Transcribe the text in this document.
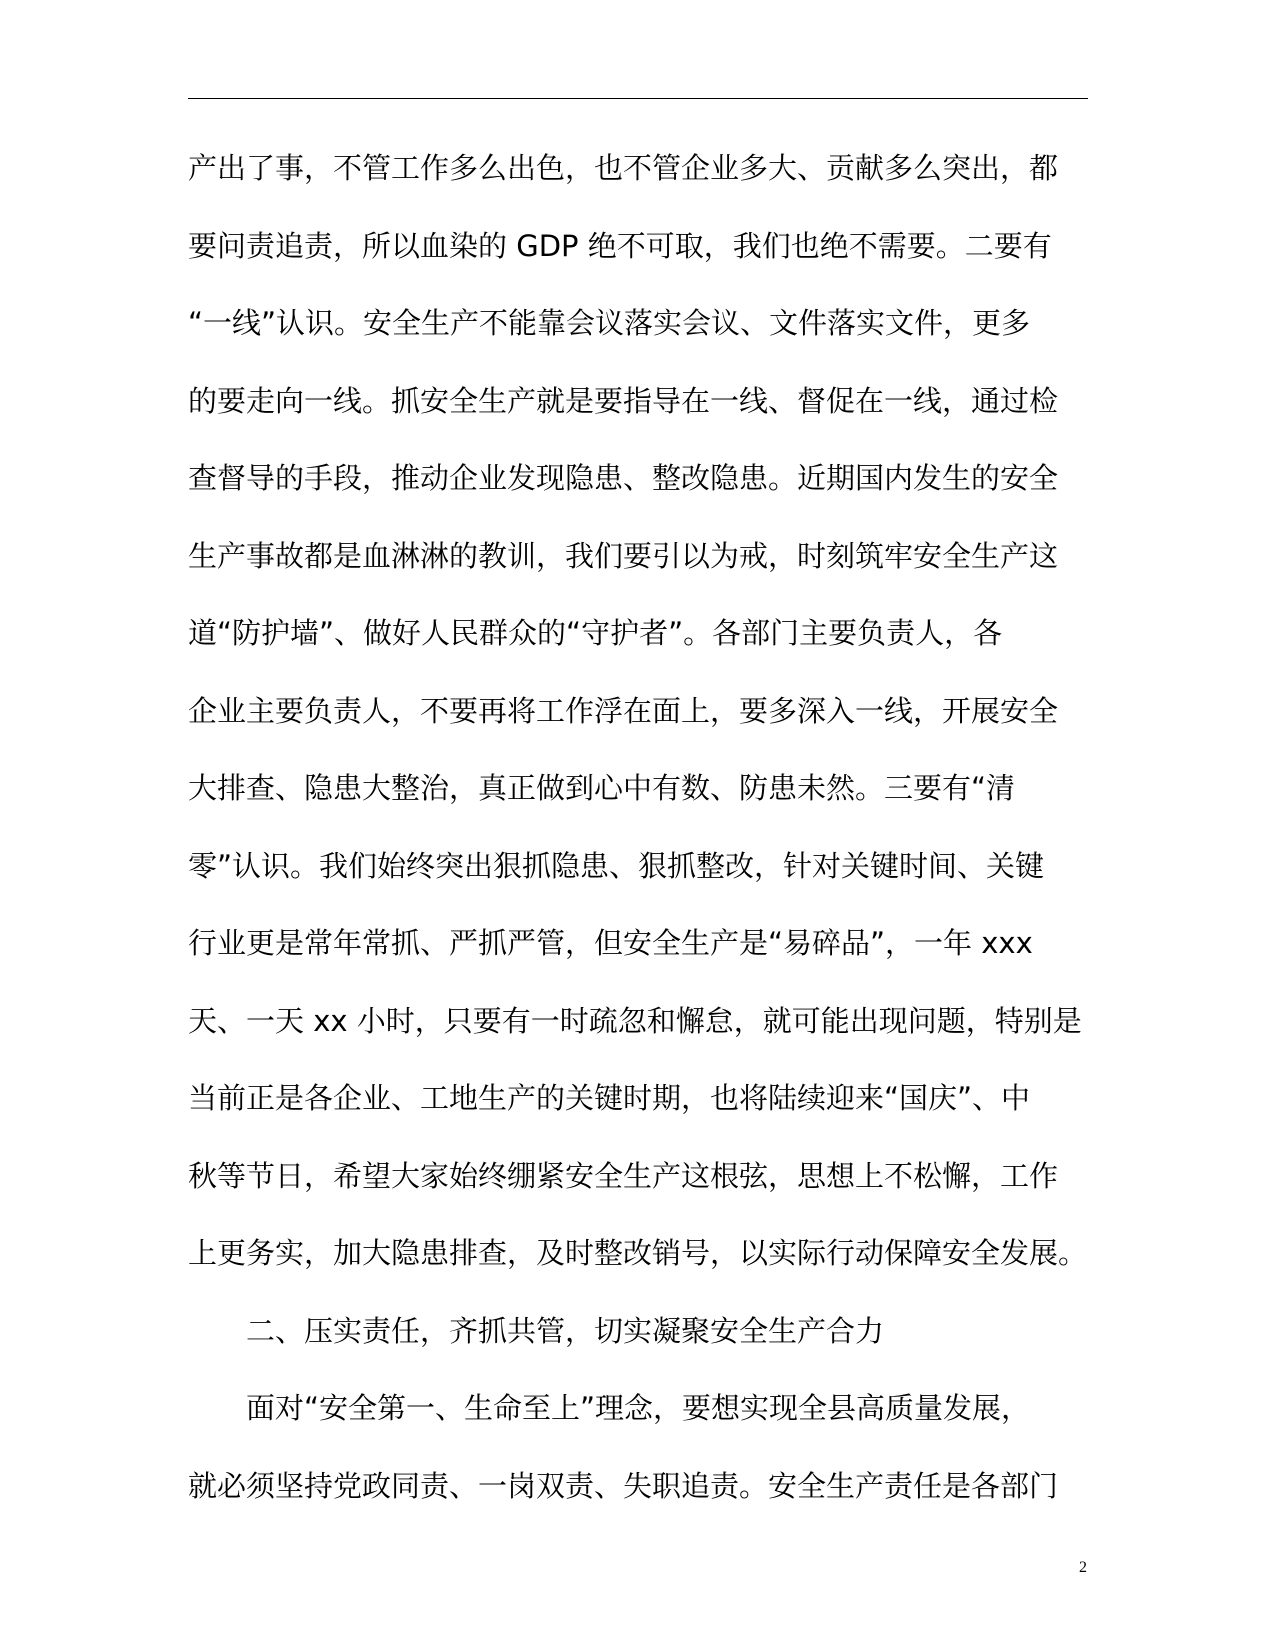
产出了事，不管工作多么出色，也不管企业多大、贡献多么突出，都
要问责追责，所以血染的 GDP 绝不可取，我们也绝不需要。二要有
“一线”认识。安全生产不能靠会议落实会议、文件落实文件，更多
的要走向一线。抓安全生产就是要指导在一线、督促在一线，通过检
查督导的手段，推动企业发现隐患、整改隐患。近期国内发生的安全
生产事故都是血淋淋的教训，我们要引以为戒，时刻筑牢安全生产这
道“防护墙”、做好人民群众的“守护者”。各部门主要负责人，各
企业主要负责人，不要再将工作浮在面上，要多深入一线，开展安全
大排查、隐患大整治，真正做到心中有数、防患未然。三要有“清
零”认识。我们始终突出狠抓隐患、狠抓整改，针对关键时间、关键
行业更是常年常抓、严抓严管，但安全生产是“易碎品”，一年 xxx
天、一天 xx 小时，只要有一时疏忽和懈怠，就可能出现问题，特别是
当前正是各企业、工地生产的关键时期，也将陆续迎来“国庆”、中
秋等节日，希望大家始终绷紧安全生产这根弦，思想上不松懈，工作
上更务实，加大隐患排查，及时整改销号，以实际行动保障安全发展。
二、压实责任，齐抓共管，切实凝聚安全生产合力
面对“安全第一、生命至上”理念，要想实现全县高质量发展，
就必须坚持党政同责、一岗双责、失职追责。安全生产责任是各部门
2
